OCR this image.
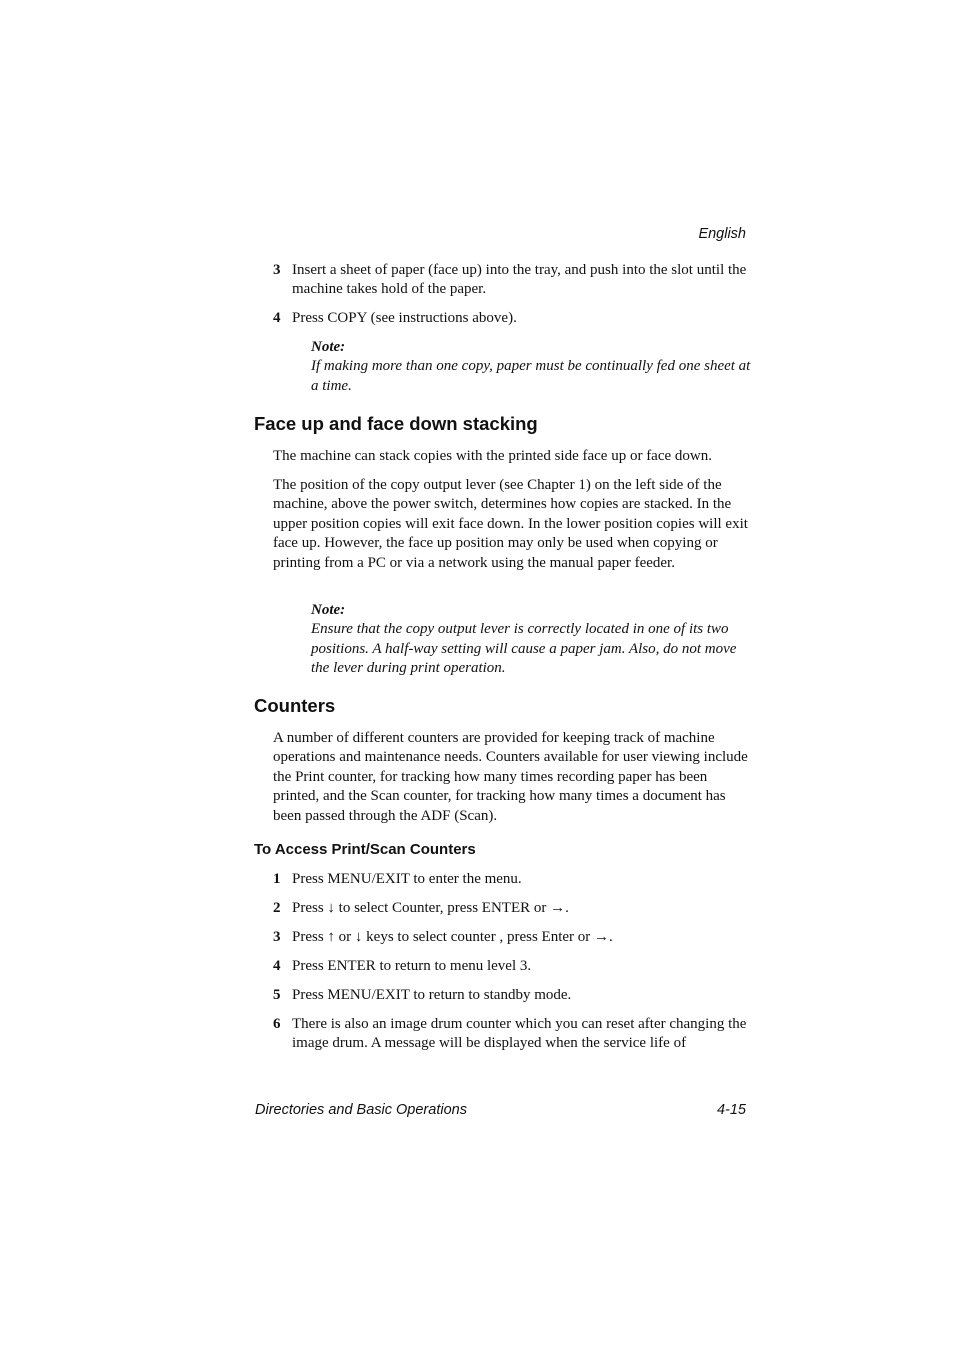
English
3 Insert a sheet of paper (face up) into the tray, and push into the slot until the machine takes hold of the paper.
4 Press COPY (see instructions above).
Note:
If making more than one copy, paper must be continually fed one sheet at a time.
Face up and face down stacking
The machine can stack copies with the printed side face up or face down.
The position of the copy output lever (see Chapter 1) on the left side of the machine, above the power switch, determines how copies are stacked. In the upper position copies will exit face down. In the lower position copies will exit face up. However, the face up position may only be used when copying or printing from a PC or via a network using the manual paper feeder.
Note:
Ensure that the copy output lever is correctly located in one of its two positions. A half-way setting will cause a paper jam. Also, do not move the lever during print operation.
Counters
A number of different counters are provided for keeping track of machine operations and maintenance needs. Counters available for user viewing include the Print counter, for tracking how many times recording paper has been printed, and the Scan counter, for tracking how many times a document has been passed through the ADF (Scan).
To Access Print/Scan Counters
1 Press MENU/EXIT to enter the menu.
2 Press ↓ to select Counter, press ENTER or →.
3 Press ↑ or ↓ keys to select counter , press Enter or →.
4 Press ENTER to return to menu level 3.
5 Press MENU/EXIT to return to standby mode.
6 There is also an image drum counter which you can reset after changing the image drum. A message will be displayed when the service life of
Directories and Basic Operations	4-15
